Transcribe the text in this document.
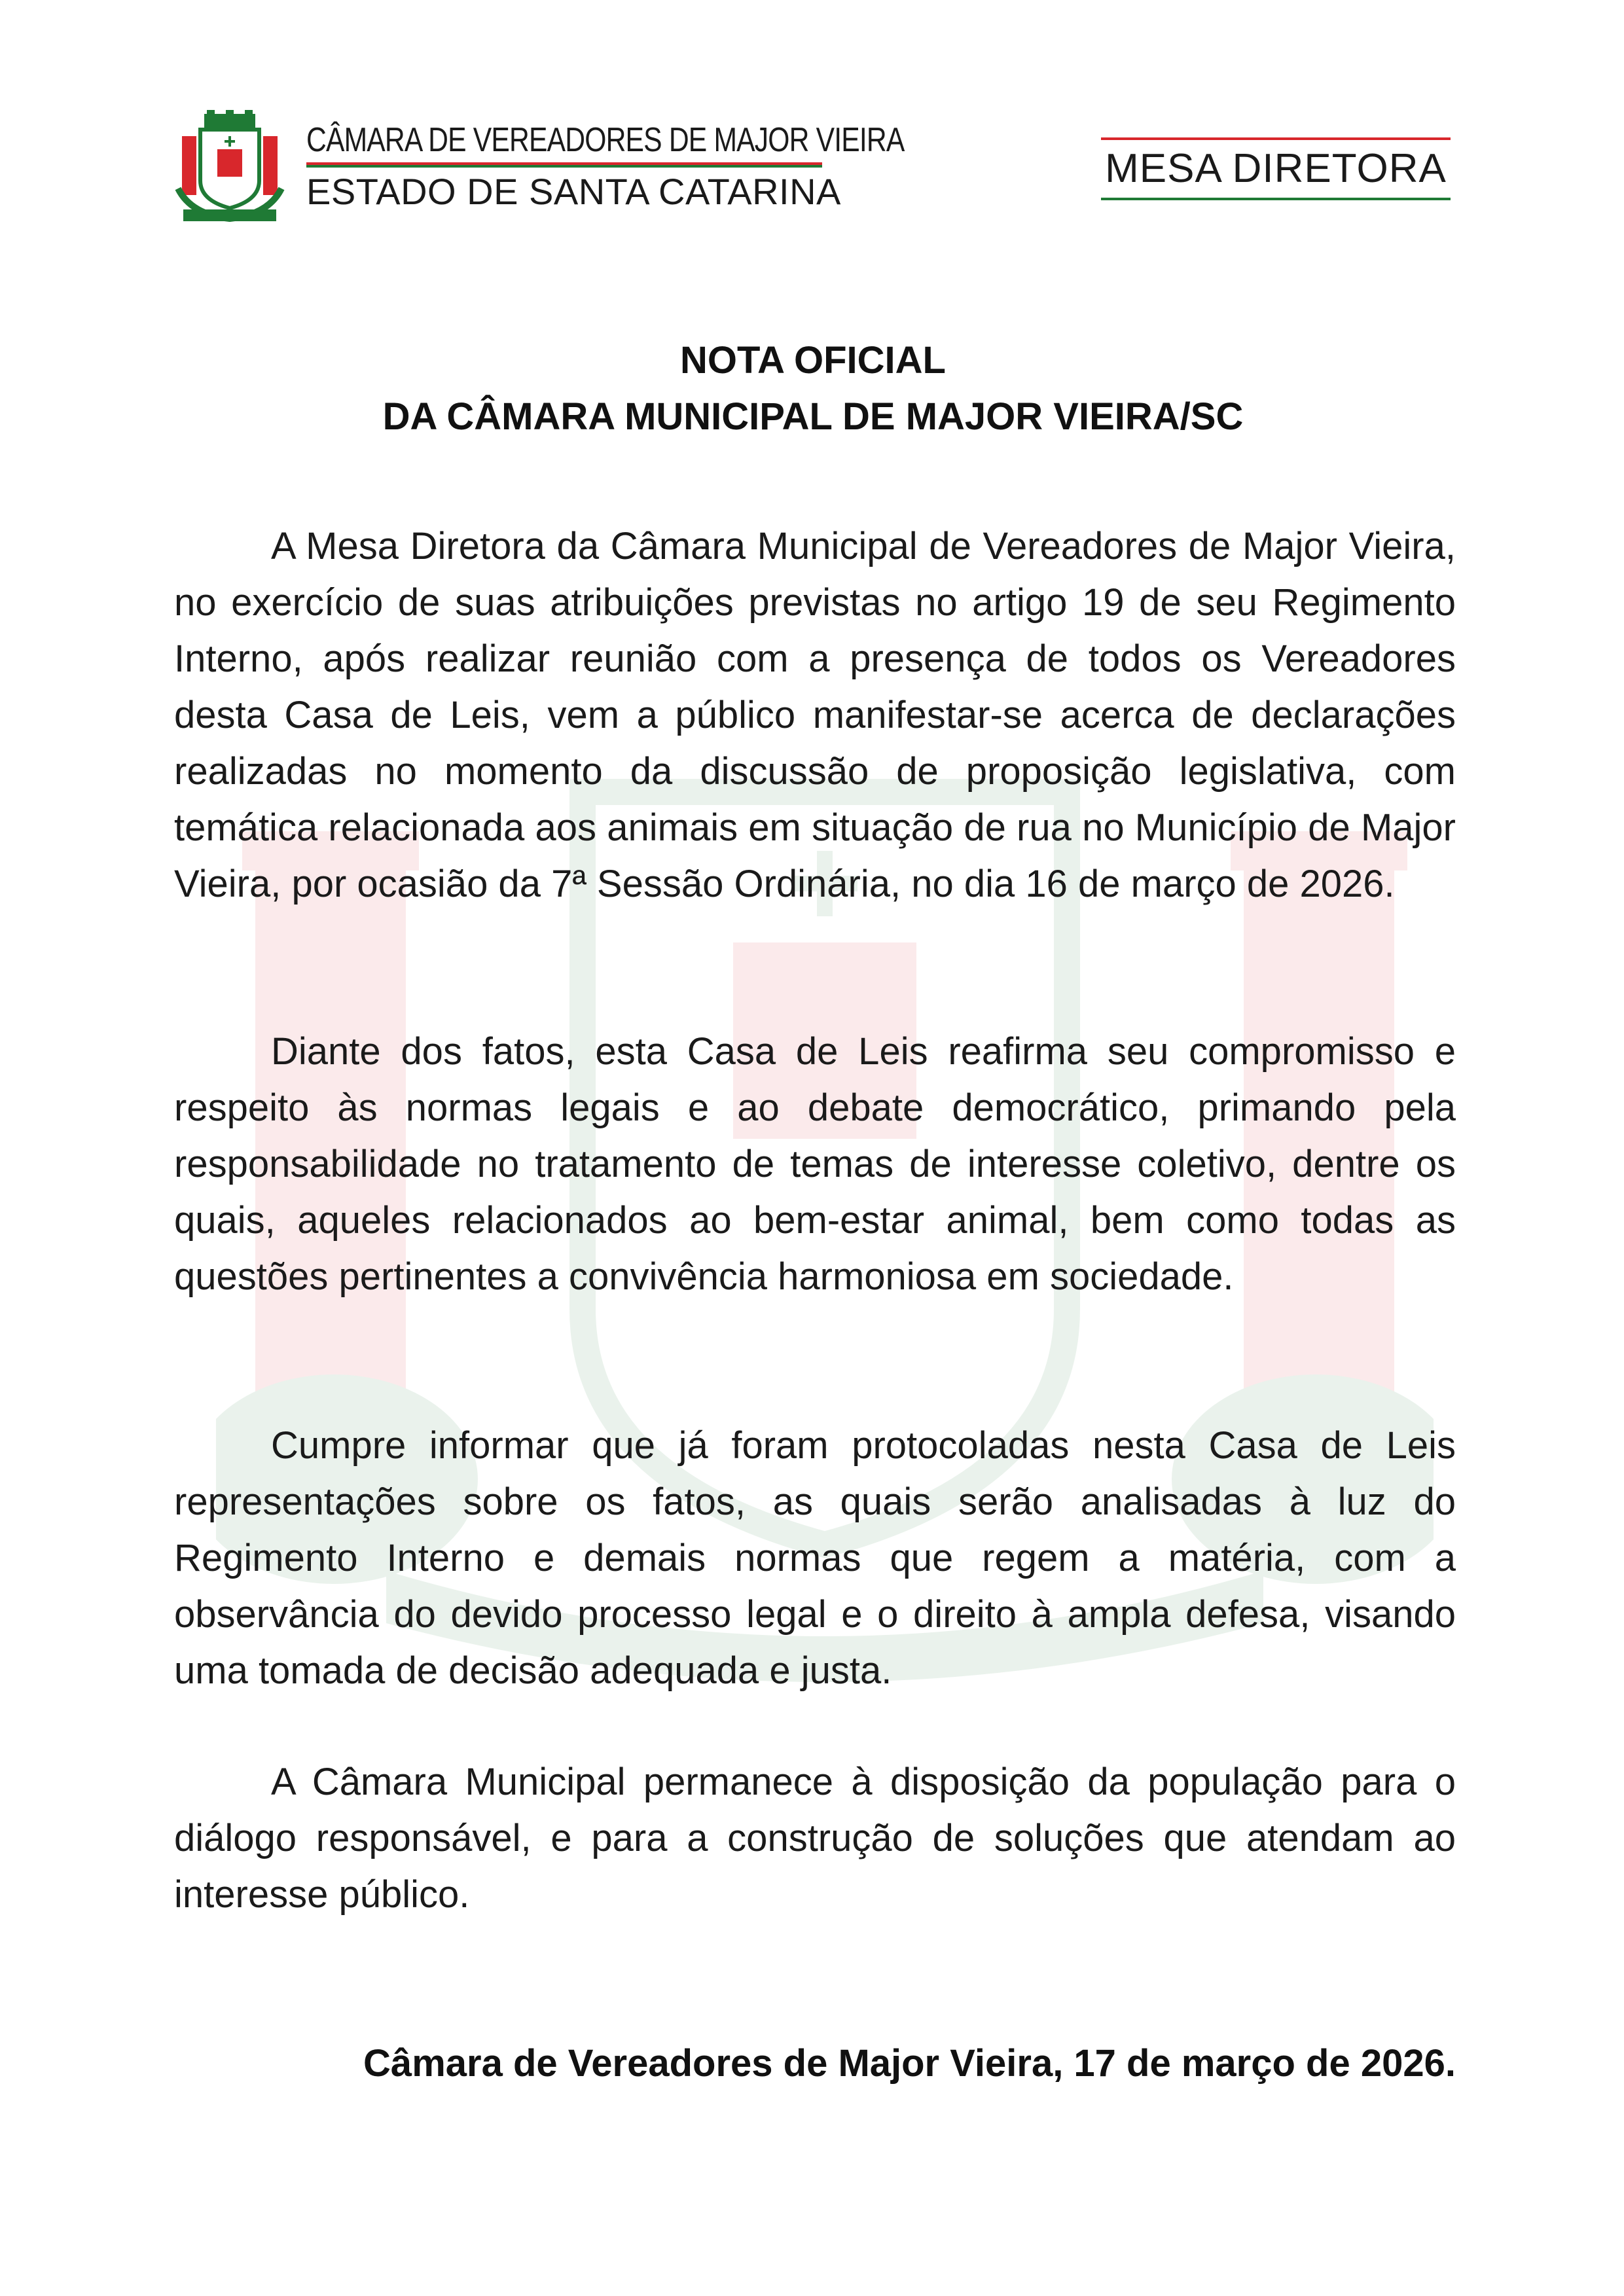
CÂMARA DE VEREADORES DE MAJOR VIEIRA
ESTADO DE SANTA CATARINA
MESA DIRETORA
NOTA OFICIAL
DA CÂMARA MUNICIPAL DE MAJOR VIEIRA/SC

A Mesa Diretora da Câmara Municipal de Vereadores de Major Vieira, no exercício de suas atribuições previstas no artigo 19 de seu Regimento Interno, após realizar reunião com a presença de todos os Vereadores desta Casa de Leis, vem a público manifestar-se acerca de declarações realizadas no momento da discussão de proposição legislativa, com temática relacionada aos animais em situação de rua no Município de Major Vieira, por ocasião da 7ª Sessão Ordinária, no dia 16 de março de 2026.

Diante dos fatos, esta Casa de Leis reafirma seu compromisso e respeito às normas legais e ao debate democrático, primando pela responsabilidade no tratamento de temas de interesse coletivo, dentre os quais, aqueles relacionados ao bem-estar animal, bem como todas as questões pertinentes a convivência harmoniosa em sociedade.

Cumpre informar que já foram protocoladas nesta Casa de Leis representações sobre os fatos, as quais serão analisadas à luz do Regimento Interno e demais normas que regem a matéria, com a observância do devido processo legal e o direito à ampla defesa, visando uma tomada de decisão adequada e justa.

A Câmara Municipal permanece à disposição da população para o diálogo responsável, e para a construção de soluções que atendam ao interesse público.

Câmara de Vereadores de Major Vieira, 17 de março de 2026.
